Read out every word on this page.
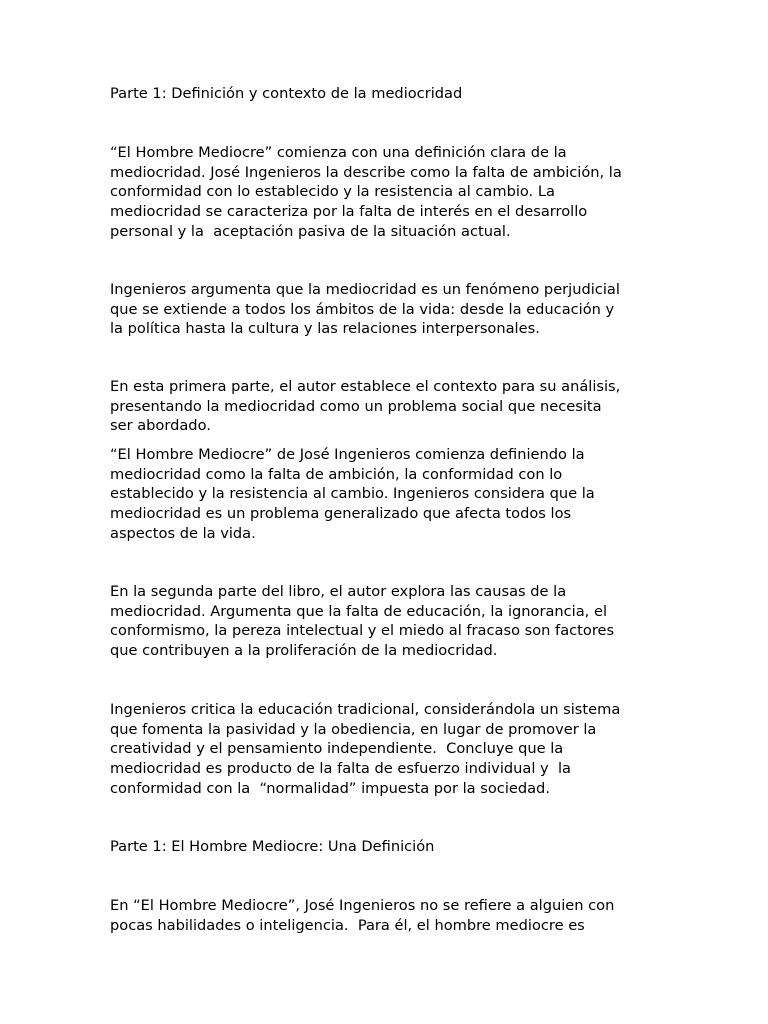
Parte 1: Definición y contexto de la mediocridad

“El Hombre Mediocre” comienza con una definición clara de la
mediocridad. José Ingenieros la describe como la falta de ambición, la
conformidad con lo establecido y la resistencia al cambio. La
mediocridad se caracteriza por la falta de interés en el desarrollo
personal y la  aceptación pasiva de la situación actual.

Ingenieros argumenta que la mediocridad es un fenómeno perjudicial
que se extiende a todos los ámbitos de la vida: desde la educación y
la política hasta la cultura y las relaciones interpersonales.

En esta primera parte, el autor establece el contexto para su análisis,
presentando la mediocridad como un problema social que necesita
ser abordado.

“El Hombre Mediocre” de José Ingenieros comienza definiendo la
mediocridad como la falta de ambición, la conformidad con lo
establecido y la resistencia al cambio. Ingenieros considera que la
mediocridad es un problema generalizado que afecta todos los
aspectos de la vida.

En la segunda parte del libro, el autor explora las causas de la
mediocridad. Argumenta que la falta de educación, la ignorancia, el
conformismo, la pereza intelectual y el miedo al fracaso son factores
que contribuyen a la proliferación de la mediocridad.

Ingenieros critica la educación tradicional, considerándola un sistema
que fomenta la pasividad y la obediencia, en lugar de promover la
creatividad y el pensamiento independiente.  Concluye que la
mediocridad es producto de la falta de esfuerzo individual y  la
conformidad con la  “normalidad” impuesta por la sociedad.

Parte 1: El Hombre Mediocre: Una Definición

En “El Hombre Mediocre”, José Ingenieros no se refiere a alguien con
pocas habilidades o inteligencia.  Para él, el hombre mediocre es
